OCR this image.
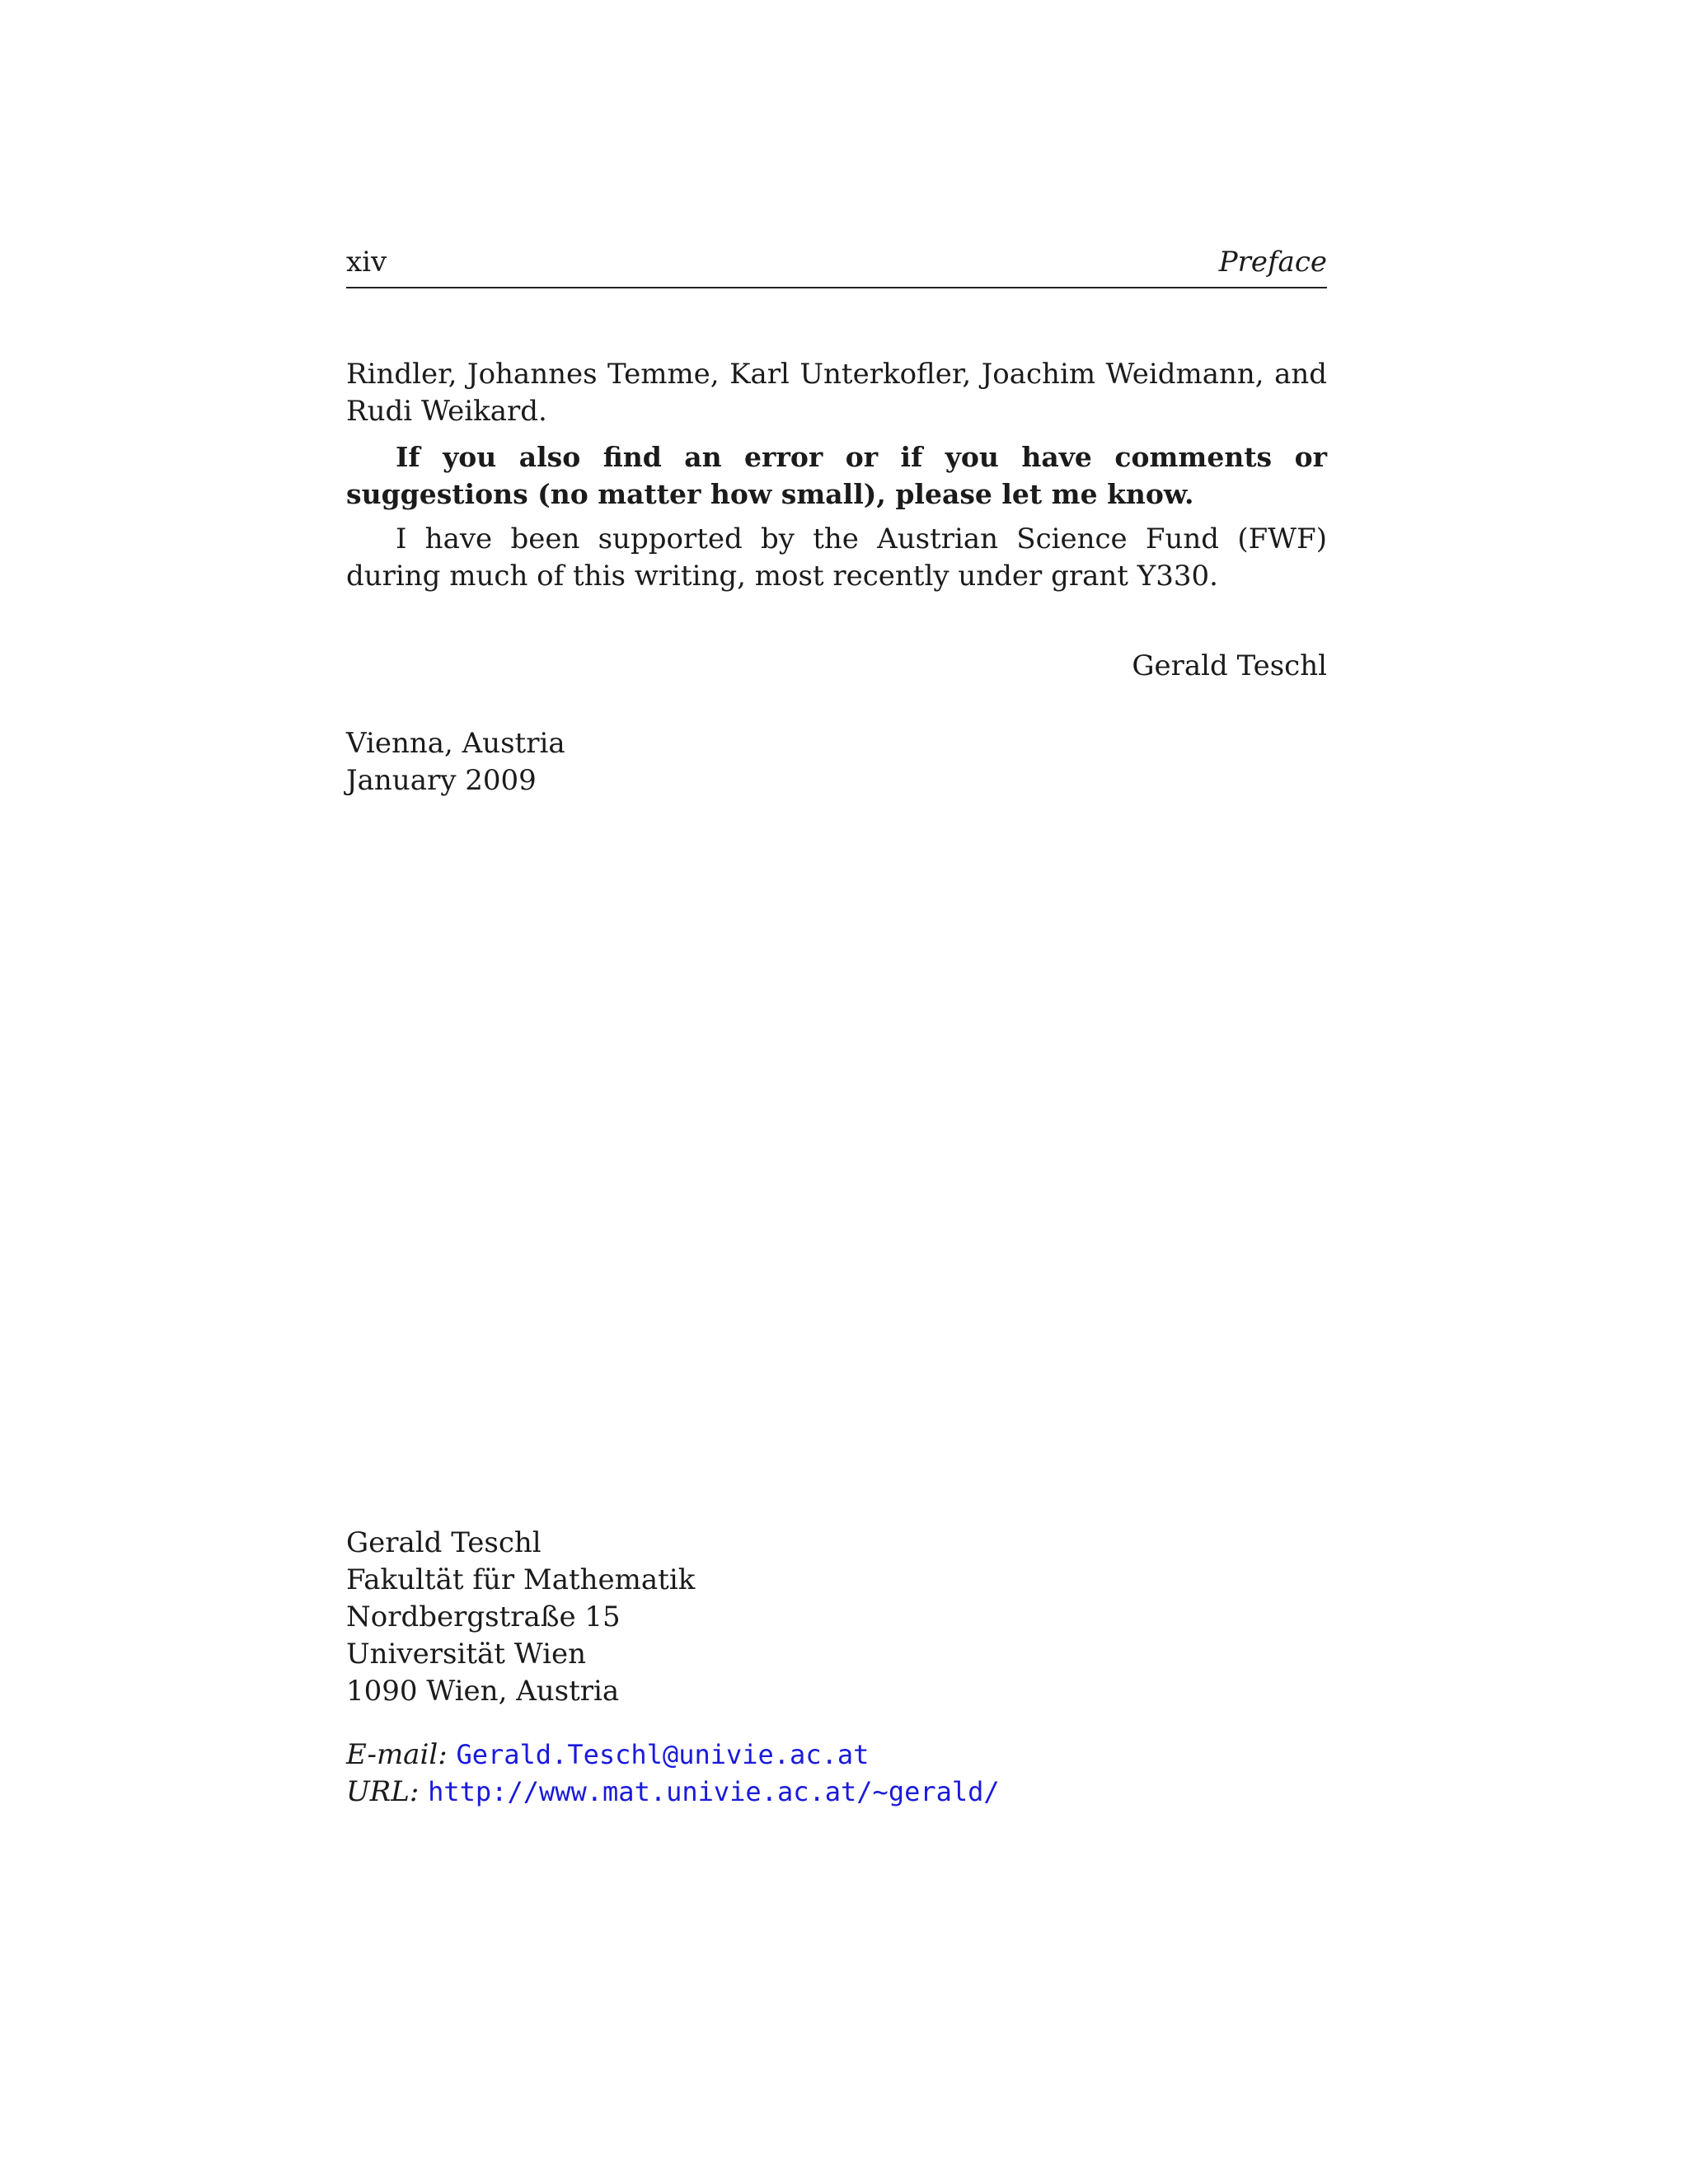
xiv	Preface

Rindler, Johannes Temme, Karl Unterkofler, Joachim Weidmann, and Rudi Weikard.

If you also find an error or if you have comments or suggestions (no matter how small), please let me know.

I have been supported by the Austrian Science Fund (FWF) during much of this writing, most recently under grant Y330.

Gerald Teschl
Vienna, Austria
January 2009
Gerald Teschl
Fakultät für Mathematik
Nordbergstraße 15
Universität Wien
1090 Wien, Austria
E-mail: Gerald.Teschl@univie.ac.at
URL: http://www.mat.univie.ac.at/~gerald/
